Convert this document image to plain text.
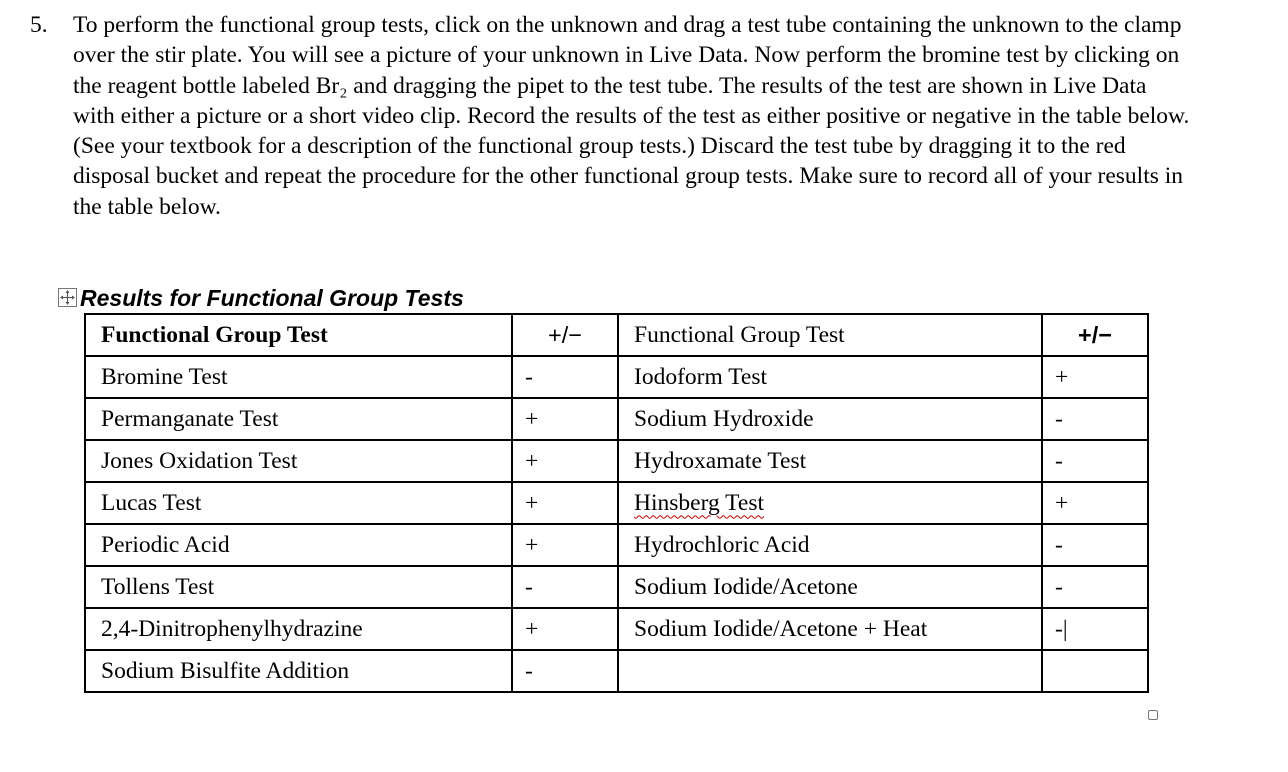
5. To perform the functional group tests, click on the unknown and drag a test tube containing the unknown to the clamp over the stir plate. You will see a picture of your unknown in Live Data. Now perform the bromine test by clicking on the reagent bottle labeled Br₂ and dragging the pipet to the test tube. The results of the test are shown in Live Data with either a picture or a short video clip. Record the results of the test as either positive or negative in the table below. (See your textbook for a description of the functional group tests.) Discard the test tube by dragging it to the red disposal bucket and repeat the procedure for the other functional group tests. Make sure to record all of your results in the table below.
Results for Functional Group Tests
Functional Group Test	+/−	Functional Group Test	+/−
Bromine Test	-	Iodoform Test	+
Permanganate Test	+	Sodium Hydroxide	-
Jones Oxidation Test	+	Hydroxamate Test	-
Lucas Test	+	Hinsberg Test	+
Periodic Acid	+	Hydrochloric Acid	-
Tollens Test	-	Sodium Iodide/Acetone	-
2,4-Dinitrophenylhydrazine	+	Sodium Iodide/Acetone + Heat	-|
Sodium Bisulfite Addition	-		
